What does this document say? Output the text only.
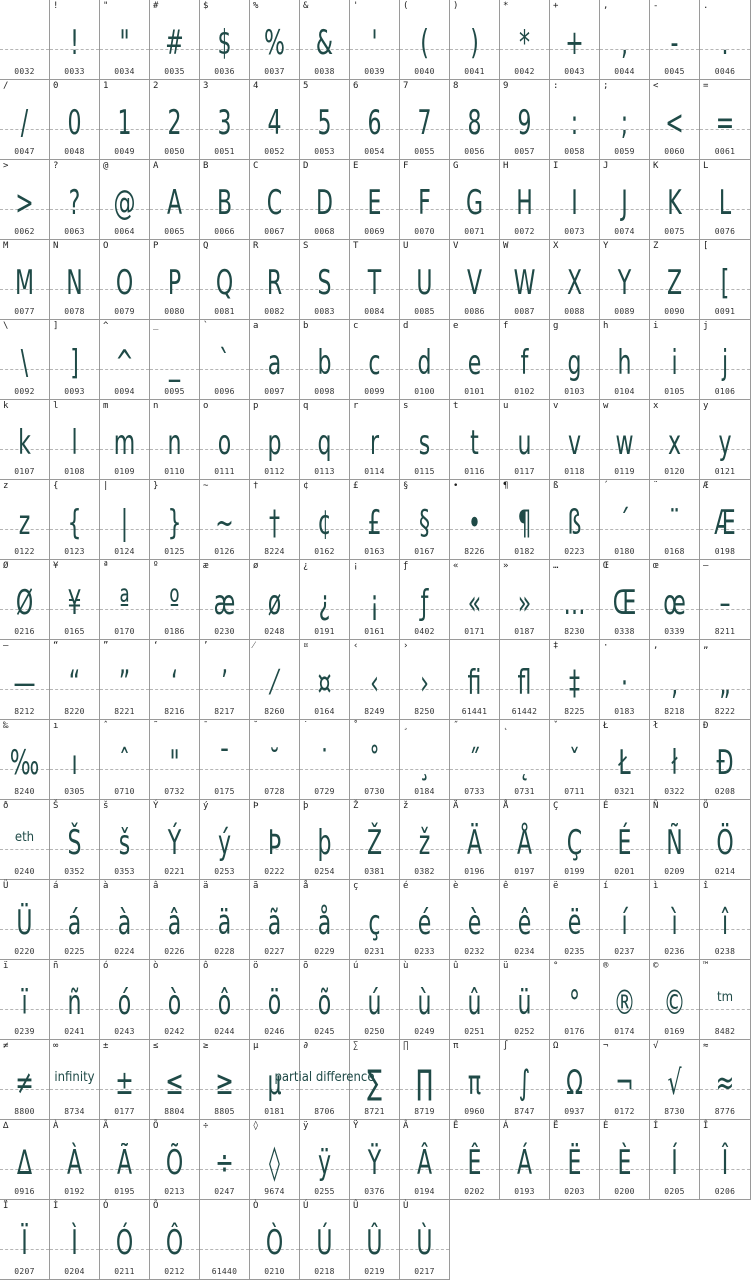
0032
!
!
0033
"
"
0034
#
#
0035
$
$
0036
%
%
0037
&
&
0038
'
'
0039
(
(
0040
)
)
0041
*
*
0042
+
+
0043
,
,
0044
-
-
0045
.
.
0046
/
/
0047
0
0
0048
1
1
0049
2
2
0050
3
3
0051
4
4
0052
5
5
0053
6
6
0054
7
7
0055
8
8
0056
9
9
0057
:
:
0058
;
;
0059
<
<
0060
=
=
0061
>
>
0062
?
?
0063
@
@
0064
A
A
0065
B
B
0066
C
C
0067
D
D
0068
E
E
0069
F
F
0070
G
G
0071
H
H
0072
I
I
0073
J
J
0074
K
K
0075
L
L
0076
M
M
0077
N
N
0078
O
O
0079
P
P
0080
Q
Q
0081
R
R
0082
S
S
0083
T
T
0084
U
U
0085
V
V
0086
W
W
0087
X
X
0088
Y
Y
0089
Z
Z
0090
[
[
0091
\
\
0092
]
]
0093
^
^
0094
_
_
0095
`
`
0096
a
a
0097
b
b
0098
c
c
0099
d
d
0100
e
e
0101
f
f
0102
g
g
0103
h
h
0104
i
i
0105
j
j
0106
k
k
0107
l
l
0108
m
m
0109
n
n
0110
o
o
0111
p
p
0112
q
q
0113
r
r
0114
s
s
0115
t
t
0116
u
u
0117
v
v
0118
w
w
0119
x
x
0120
y
y
0121
z
z
0122
{
{
0123
|
|
0124
}
}
0125
~
~
0126
†
†
8224
¢
¢
0162
£
£
0163
§
§
0167
•
•
8226
¶
¶
0182
ß
ß
0223
´
´
0180
¨
¨
0168
Æ
Æ
0198
Ø
Ø
0216
¥
¥
0165
ª
ª
0170
º
º
0186
æ
æ
0230
ø
ø
0248
¿
¿
0191
¡
¡
0161
ƒ
ƒ
0402
«
«
0171
»
»
0187
…
…
8230
Œ
Œ
0338
œ
œ
0339
–
–
8211
—
—
8212
“
“
8220
”
”
8221
‘
‘
8216
’
’
8217
⁄
⁄
8260
¤
¤
0164
‹
‹
8249
›
›
8250
fi
61441
fl
61442
‡
‡
8225
·
·
0183
‚
‚
8218
„
„
8222
‰
‰
8240
ı
ı
0305
ˆ
ˆ
0710
˜
"
0732
¯
¯
0175
˘
˘
0728
˙
˙
0729
˚
˚
0730
¸
¸
0184
˝
˝
0733
˛
˛
0731
ˇ
ˇ
0711
Ł
Ł
0321
ł
ł
0322
Ð
Ð
0208
ð
eth
0240
Š
Š
0352
š
š
0353
Ý
Ý
0221
ý
ý
0253
Þ
Þ
0222
þ
þ
0254
Ž
Ž
0381
ž
ž
0382
Ä
Ä
0196
Å
Å
0197
Ç
Ç
0199
É
É
0201
Ñ
Ñ
0209
Ö
Ö
0214
Ü
Ü
0220
á
á
0225
à
à
0224
â
â
0226
ä
ä
0228
ã
ã
0227
å
å
0229
ç
ç
0231
é
é
0233
è
è
0232
ê
ê
0234
ë
ë
0235
í
í
0237
ì
ì
0236
î
î
0238
ï
ï
0239
ñ
ñ
0241
ó
ó
0243
ò
ò
0242
ô
ô
0244
ö
ö
0246
õ
õ
0245
ú
ú
0250
ù
ù
0249
û
û
0251
ü
ü
0252
°
°
0176
®
®
0174
©
©
0169
™
tm
8482
≠
≠
8800
∞
infinity
8734
±
±
0177
≤
≤
8804
≥
≥
8805
µ
µ
0181
∂
partial difference
8706
∑
∑
8721
∏
∏
8719
π
π
0960
∫
∫
8747
Ω
Ω
0937
¬
¬
0172
√
√
8730
≈
≈
8776
∆
∆
0916
À
À
0192
Ã
Ã
0195
Õ
Õ
0213
÷
÷
0247
◊
◊
9674
ÿ
ÿ
0255
Ÿ
Ÿ
0376
Â
Â
0194
Ê
Ê
0202
Á
Á
0193
Ë
Ë
0203
È
È
0200
Í
Í
0205
Î
Î
0206
Ï
Ï
0207
Ì
Ì
0204
Ó
Ó
0211
Ô
Ô
0212	61440
Ò
Ò
0210
Ú
Ú
0218
Û
Û
0219
Ù
Ù
0217
